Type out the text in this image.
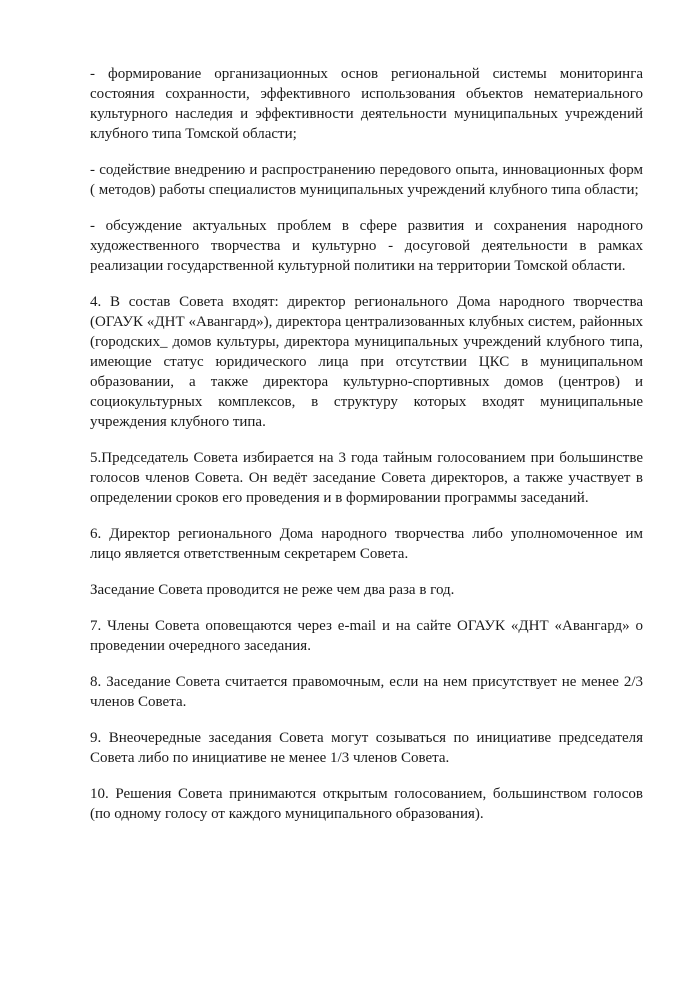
- формирование организационных основ региональной системы мониторинга состояния сохранности, эффективного использования объектов нематериального культурного наследия и эффективности деятельности муниципальных учреждений клубного типа Томской области;

- содействие внедрению и распространению передового опыта, инновационных форм ( методов) работы специалистов муниципальных учреждений клубного типа области;

- обсуждение актуальных проблем в сфере развития и сохранения народного художественного творчества и культурно - досуговой деятельности в рамках реализации государственной культурной политики на территории Томской области.

4. В состав Совета входят: директор регионального Дома народного творчества (ОГАУК «ДНТ «Авангард»), директора централизованных клубных систем, районных (городских_ домов культуры, директора муниципальных учреждений клубного типа, имеющие статус юридического лица при отсутствии ЦКС в муниципальном образовании, а также директора культурно-спортивных домов (центров) и социокультурных комплексов, в структуру которых входят муниципальные учреждения клубного типа.

5.Председатель Совета избирается на 3 года тайным голосованием при большинстве голосов членов Совета. Он ведёт заседание Совета директоров, а также участвует в определении сроков его проведения и в формировании программы заседаний.

6. Директор регионального Дома народного творчества либо уполномоченное им лицо является ответственным секретарем Совета.

Заседание Совета проводится не реже чем два раза в год.

7. Члены Совета оповещаются через e-mail и на сайте ОГАУК «ДНТ «Авангард» о проведении очередного заседания.

8. Заседание Совета считается правомочным, если на нем присутствует не менее 2/3 членов Совета.

9. Внеочередные заседания Совета могут созываться по инициативе председателя Совета либо по инициативе не менее 1/3 членов Совета.

10. Решения Совета принимаются открытым голосованием, большинством голосов (по одному голосу от каждого муниципального образования).
